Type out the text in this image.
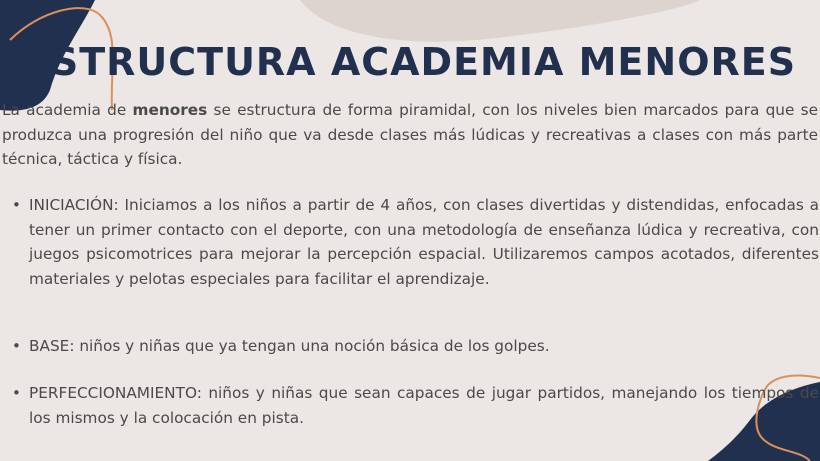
ESTRUCTURA ACADEMIA MENORES

La academia de menores se estructura de forma piramidal, con los niveles bien marcados para que se produzca una progresión del niño que va desde clases más lúdicas y recreativas a clases con más parte técnica, táctica y física.

• INICIACIÓN: Iniciamos a los niños a partir de 4 años, con clases divertidas y distendidas, enfocadas a tener un primer contacto con el deporte, con una metodología de enseñanza lúdica y recreativa, con juegos psicomotrices para mejorar la percepción espacial. Utilizaremos campos acotados, diferentes materiales y pelotas especiales para facilitar el aprendizaje.
• BASE: niños y niñas que ya tengan una noción básica de los golpes.
• PERFECCIONAMIENTO: niños y niñas que sean capaces de jugar partidos, manejando los tiempos de los mismos y la colocación en pista.
